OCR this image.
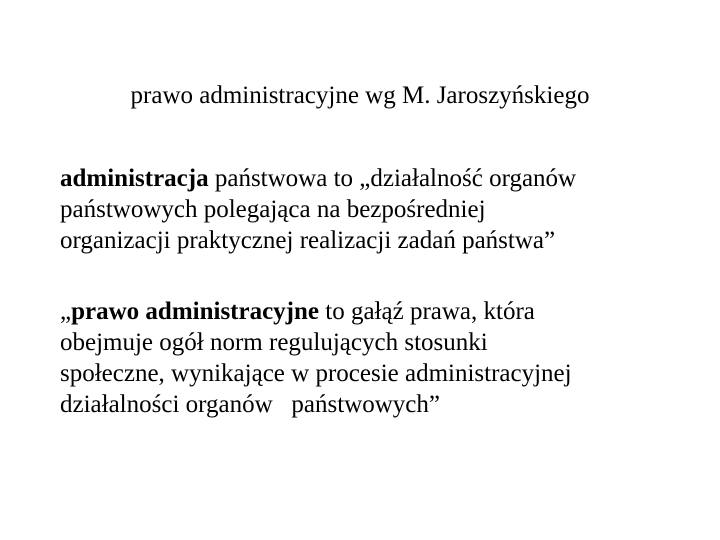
prawo administracyjne wg M. Jaroszyńskiego
administracja państwowa to „działalność organów
państwowych polegająca na bezpośredniej
organizacji praktycznej realizacji zadań państwa”
„prawo administracyjne to gałąź prawa, która
obejmuje ogół norm regulujących stosunki
społeczne, wynikające w procesie administracyjnej
działalności organów   państwowych”
